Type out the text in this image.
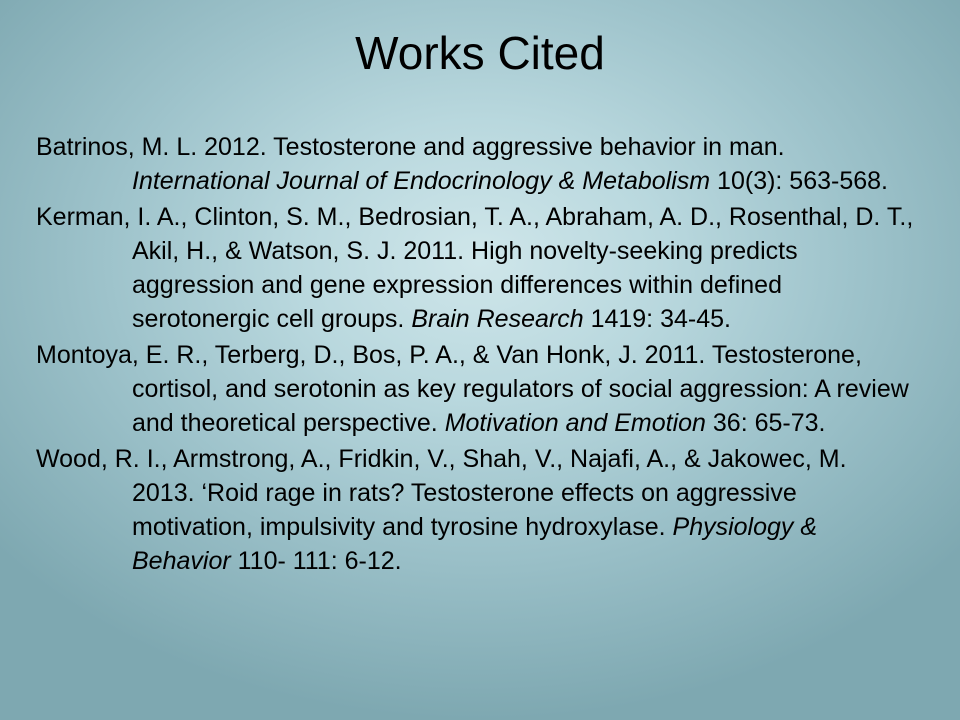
Works Cited
Batrinos, M. L. 2012. Testosterone and aggressive behavior in man. International Journal of Endocrinology & Metabolism 10(3): 563-568.
Kerman, I. A., Clinton, S. M., Bedrosian, T. A., Abraham, A. D., Rosenthal, D. T., Akil, H., & Watson, S. J. 2011. High novelty-seeking predicts aggression and gene expression differences within defined serotonergic cell groups. Brain Research 1419: 34-45.
Montoya, E. R., Terberg, D., Bos, P. A., & Van Honk, J. 2011. Testosterone, cortisol, and serotonin as key regulators of social aggression: A review and theoretical perspective. Motivation and Emotion 36: 65-73.
Wood, R. I., Armstrong, A., Fridkin, V., Shah, V., Najafi, A., & Jakowec, M. 2013. ‘Roid rage in rats? Testosterone effects on aggressive motivation, impulsivity and tyrosine hydroxylase. Physiology & Behavior 110- 111: 6-12.
